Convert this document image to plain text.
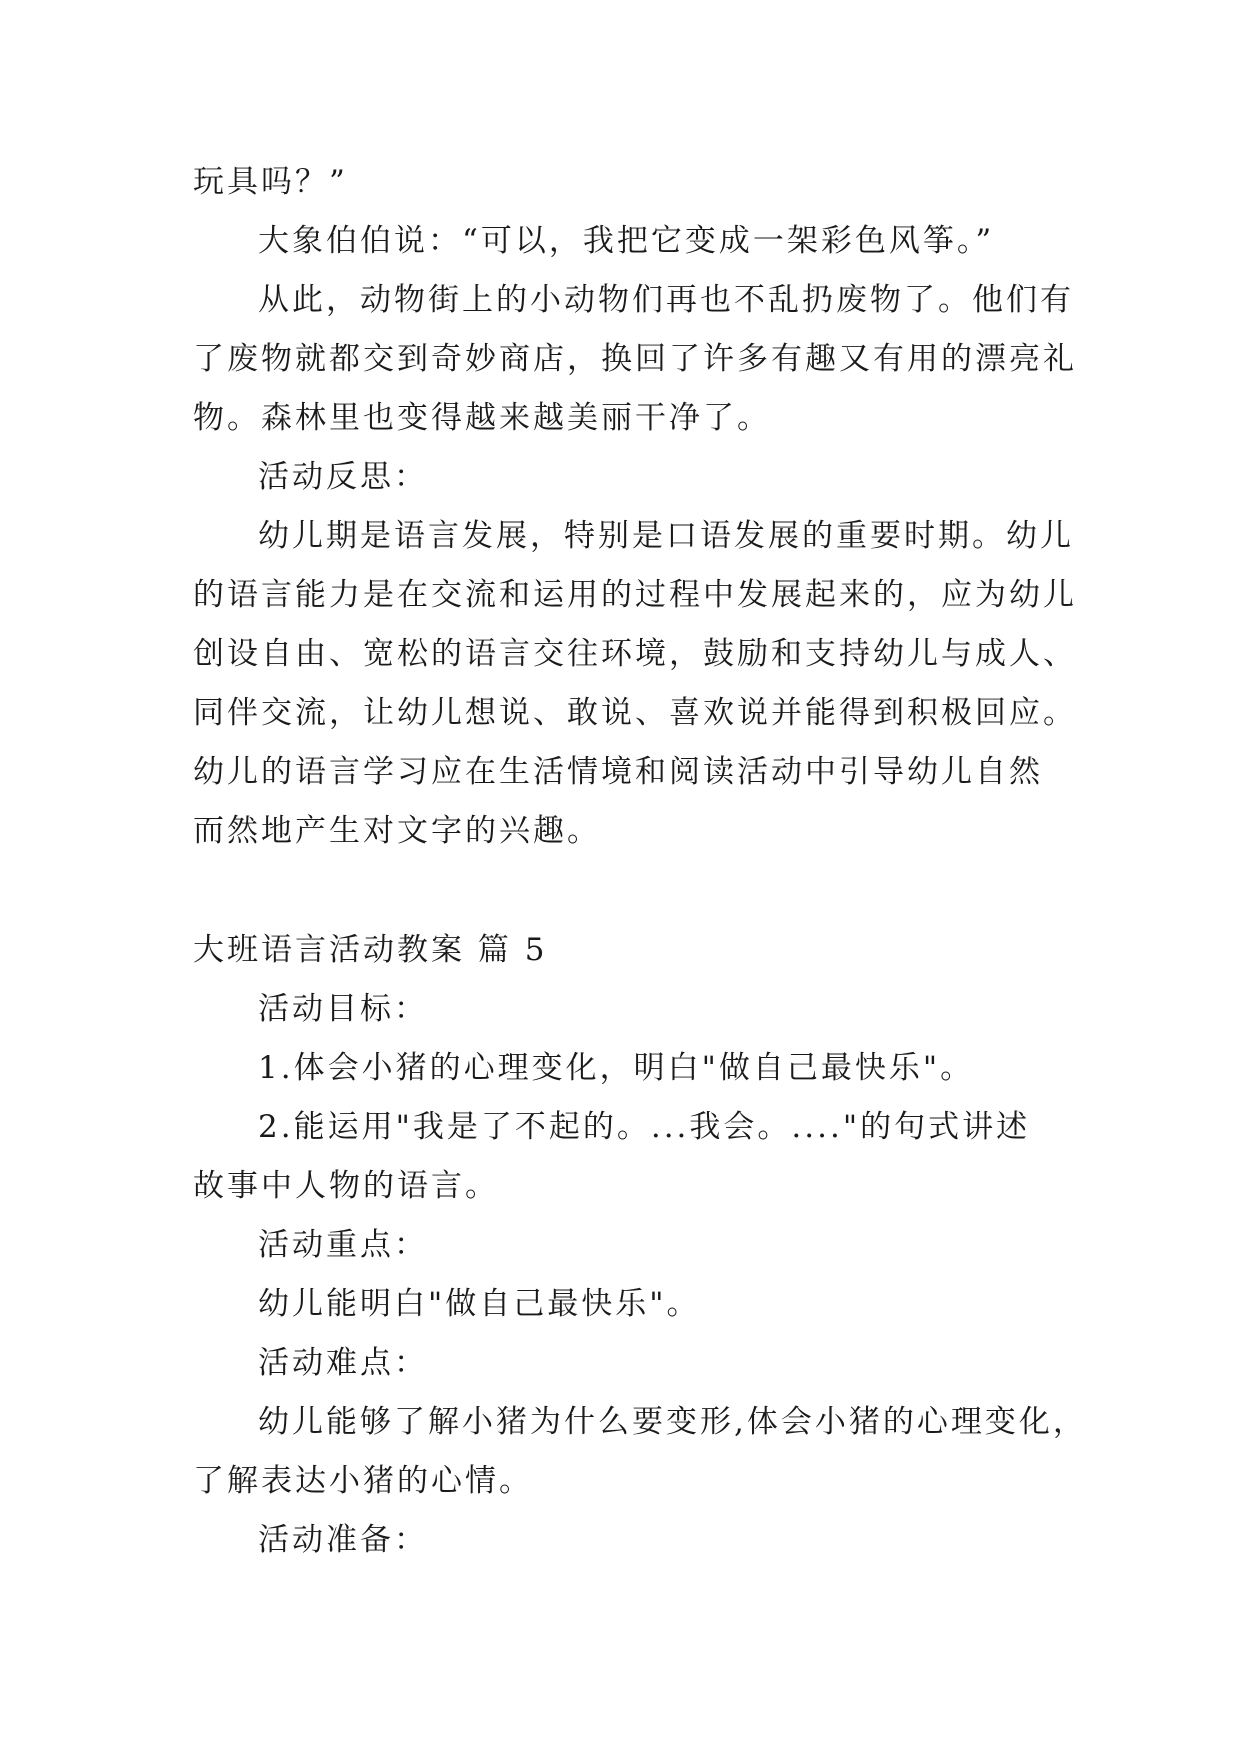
玩具吗？”
大象伯伯说：“可以，我把它变成一架彩色风筝。”
从此，动物街上的小动物们再也不乱扔废物了。他们有
了废物就都交到奇妙商店，换回了许多有趣又有用的漂亮礼
物。森林里也变得越来越美丽干净了。
活动反思：
幼儿期是语言发展，特别是口语发展的重要时期。幼儿
的语言能力是在交流和运用的过程中发展起来的，应为幼儿
创设自由、宽松的语言交往环境，鼓励和支持幼儿与成人、
同伴交流，让幼儿想说、敢说、喜欢说并能得到积极回应。
幼儿的语言学习应在生活情境和阅读活动中引导幼儿自然
而然地产生对文字的兴趣。
大班语言活动教案 篇 5
活动目标：
1.体会小猪的心理变化，明白"做自己最快乐"。
2.能运用"我是了不起的。...我会。...."的句式讲述
故事中人物的语言。
活动重点：
幼儿能明白"做自己最快乐"。
活动难点：
幼儿能够了解小猪为什么要变形,体会小猪的心理变化，
了解表达小猪的心情。
活动准备：
